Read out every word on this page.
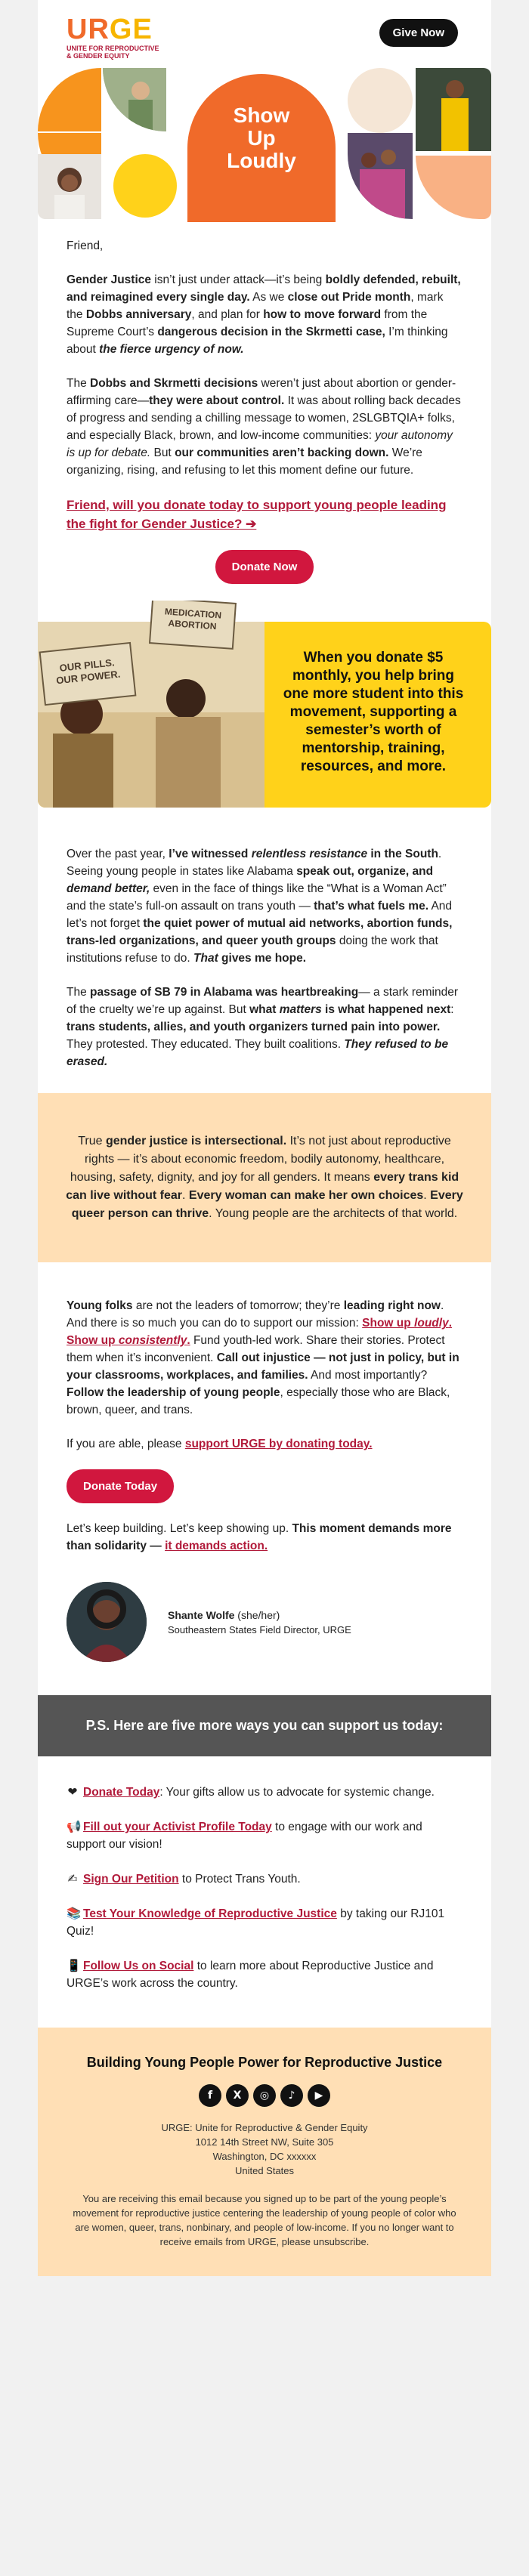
URGE
UNITE FOR REPRODUCTIVE & GENDER EQUITY
Give Now
Show
Up
Loudly

Friend,

Gender Justice isn’t just under attack—it’s being boldly defended, rebuilt, and reimagined every single day. As we close out Pride month, mark the Dobbs anniversary, and plan for how to move forward from the Supreme Court’s dangerous decision in the Skrmetti case, I’m thinking about the fierce urgency of now.

The Dobbs and Skrmetti decisions weren’t just about abortion or gender-affirming care—they were about control. It was about rolling back decades of progress and sending a chilling message to women, 2SLGBTQIA+ folks, and especially Black, brown, and low-income communities: your autonomy is up for debate. But our communities aren’t backing down. We’re organizing, rising, and refusing to let this moment define our future.

Friend, will you donate today to support young people leading the fight for Gender Justice? ➔

Donate Now

OUR PILLS. OUR POWER.
MEDICATION ABORTION
When you donate $5 monthly, you help bring one more student into this movement, supporting a semester’s worth of mentorship, training, resources, and more.

Over the past year, I’ve witnessed relentless resistance in the South. Seeing young people in states like Alabama speak out, organize, and demand better, even in the face of things like the “What is a Woman Act” and the state’s full-on assault on trans youth — that’s what fuels me. And let’s not forget the quiet power of mutual aid networks, abortion funds, trans-led organizations, and queer youth groups doing the work that institutions refuse to do. That gives me hope.

The passage of SB 79 in Alabama was heartbreaking— a stark reminder of the cruelty we’re up against. But what matters is what happened next: trans students, allies, and youth organizers turned pain into power. They protested. They educated. They built coalitions. They refused to be erased.

True gender justice is intersectional. It’s not just about reproductive rights — it’s about economic freedom, bodily autonomy, healthcare, housing, safety, dignity, and joy for all genders. It means every trans kid can live without fear. Every woman can make her own choices. Every queer person can thrive. Young people are the architects of that world.

Young folks are not the leaders of tomorrow; they’re leading right now. And there is so much you can do to support our mission: Show up loudly. Show up consistently. Fund youth-led work. Share their stories. Protect them when it’s inconvenient. Call out injustice — not just in policy, but in your classrooms, workplaces, and families. And most importantly? Follow the leadership of young people, especially those who are Black, brown, queer, and trans.

If you are able, please support URGE by donating today.

Donate Today

Let’s keep building. Let’s keep showing up. This moment demands more than solidarity — it demands action.

Shante Wolfe (she/her)
Southeastern States Field Director, URGE
P.S. Here are five more ways you can support us today:
❤ Donate Today: Your gifts allow us to advocate for systemic change.
📢 Fill out your Activist Profile Today to engage with our work and support our vision!
✍ Sign Our Petition to Protect Trans Youth.
📚 Test Your Knowledge of Reproductive Justice by taking our RJ101 Quiz!
📱 Follow Us on Social to learn more about Reproductive Justice and URGE’s work across the country.
Building Young People Power for Reproductive Justice
f	X	◎	♪	▶
URGE: Unite for Reproductive & Gender Equity
1012 14th Street NW, Suite 305
Washington, DC xxxxxx
United States
You are receiving this email because you signed up to be part of the young people’s movement for reproductive justice centering the leadership of young people of color who are women, queer, trans, nonbinary, and people of low-income. If you no longer want to receive emails from URGE, please unsubscribe.
